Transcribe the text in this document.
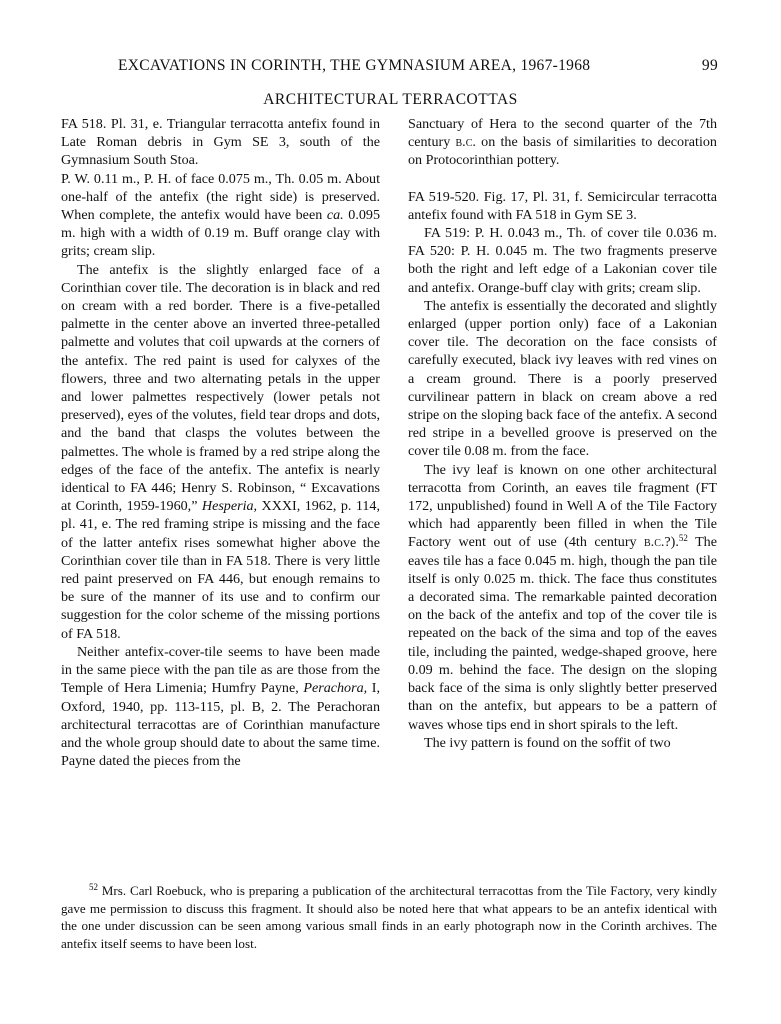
EXCAVATIONS IN CORINTH, THE GYMNASIUM AREA, 1967-1968	99
ARCHITECTURAL TERRACOTTAS

FA 518. Pl. 31, e. Triangular terracotta antefix found in Late Roman debris in Gym SE 3, south of the Gymnasium South Stoa.

P. W. 0.11 m., P. H. of face 0.075 m., Th. 0.05 m. About one-half of the antefix (the right side) is preserved. When complete, the antefix would have been ca. 0.095 m. high with a width of 0.19 m. Buff orange clay with grits; cream slip.

The antefix is the slightly enlarged face of a Corinthian cover tile. The decoration is in black and red on cream with a red border. There is a five-petalled palmette in the center above an inverted three-petalled palmette and volutes that coil upwards at the corners of the antefix. The red paint is used for calyxes of the flowers, three and two alternating petals in the upper and lower palmettes respectively (lower petals not preserved), eyes of the volutes, field tear drops and dots, and the band that clasps the volutes between the palmettes. The whole is framed by a red stripe along the edges of the face of the antefix. The antefix is nearly identical to FA 446; Henry S. Robinson, “ Excavations at Corinth, 1959-1960,” Hesperia, XXXI, 1962, p. 114, pl. 41, e. The red framing stripe is missing and the face of the latter antefix rises somewhat higher above the Corinthian cover tile than in FA 518. There is very little red paint preserved on FA 446, but enough remains to be sure of the manner of its use and to confirm our suggestion for the color scheme of the missing portions of FA 518.

Neither antefix-cover-tile seems to have been made in the same piece with the pan tile as are those from the Temple of Hera Limenia; Humfry Payne, Perachora, I, Oxford, 1940, pp. 113-115, pl. B, 2. The Perachoran architectural terracottas are of Corinthian manufacture and the whole group should date to about the same time. Payne dated the pieces from the

Sanctuary of Hera to the second quarter of the 7th century b.c. on the basis of similarities to decoration on Protocorinthian pottery.

FA 519-520. Fig. 17, Pl. 31, f. Semicircular terracotta antefix found with FA 518 in Gym SE 3.

FA 519: P. H. 0.043 m., Th. of cover tile 0.036 m. FA 520: P. H. 0.045 m. The two fragments preserve both the right and left edge of a Lakonian cover tile and antefix. Orange-buff clay with grits; cream slip.

The antefix is essentially the decorated and slightly enlarged (upper portion only) face of a Lakonian cover tile. The decoration on the face consists of carefully executed, black ivy leaves with red vines on a cream ground. There is a poorly preserved curvilinear pattern in black on cream above a red stripe on the sloping back face of the antefix. A second red stripe in a bevelled groove is preserved on the cover tile 0.08 m. from the face.

The ivy leaf is known on one other architectural terracotta from Corinth, an eaves tile fragment (FT 172, unpublished) found in Well A of the Tile Factory which had apparently been filled in when the Tile Factory went out of use (4th century b.c.?).$^{52}$ The eaves tile has a face 0.045 m. high, though the pan tile itself is only 0.025 m. thick. The face thus constitutes a decorated sima. The remarkable painted decoration on the back of the antefix and top of the cover tile is repeated on the back of the sima and top of the eaves tile, including the painted, wedge-shaped groove, here 0.09 m. behind the face. The design on the sloping back face of the sima is only slightly better preserved than on the antefix, but appears to be a pattern of waves whose tips end in short spirals to the left.

The ivy pattern is found on the soffit of two

$^{52}$ Mrs. Carl Roebuck, who is preparing a publication of the architectural terracottas from the Tile Factory, very kindly gave me permission to discuss this fragment. It should also be noted here that what appears to be an antefix identical with the one under discussion can be seen among various small finds in an early photograph now in the Corinth archives. The antefix itself seems to have been lost.
